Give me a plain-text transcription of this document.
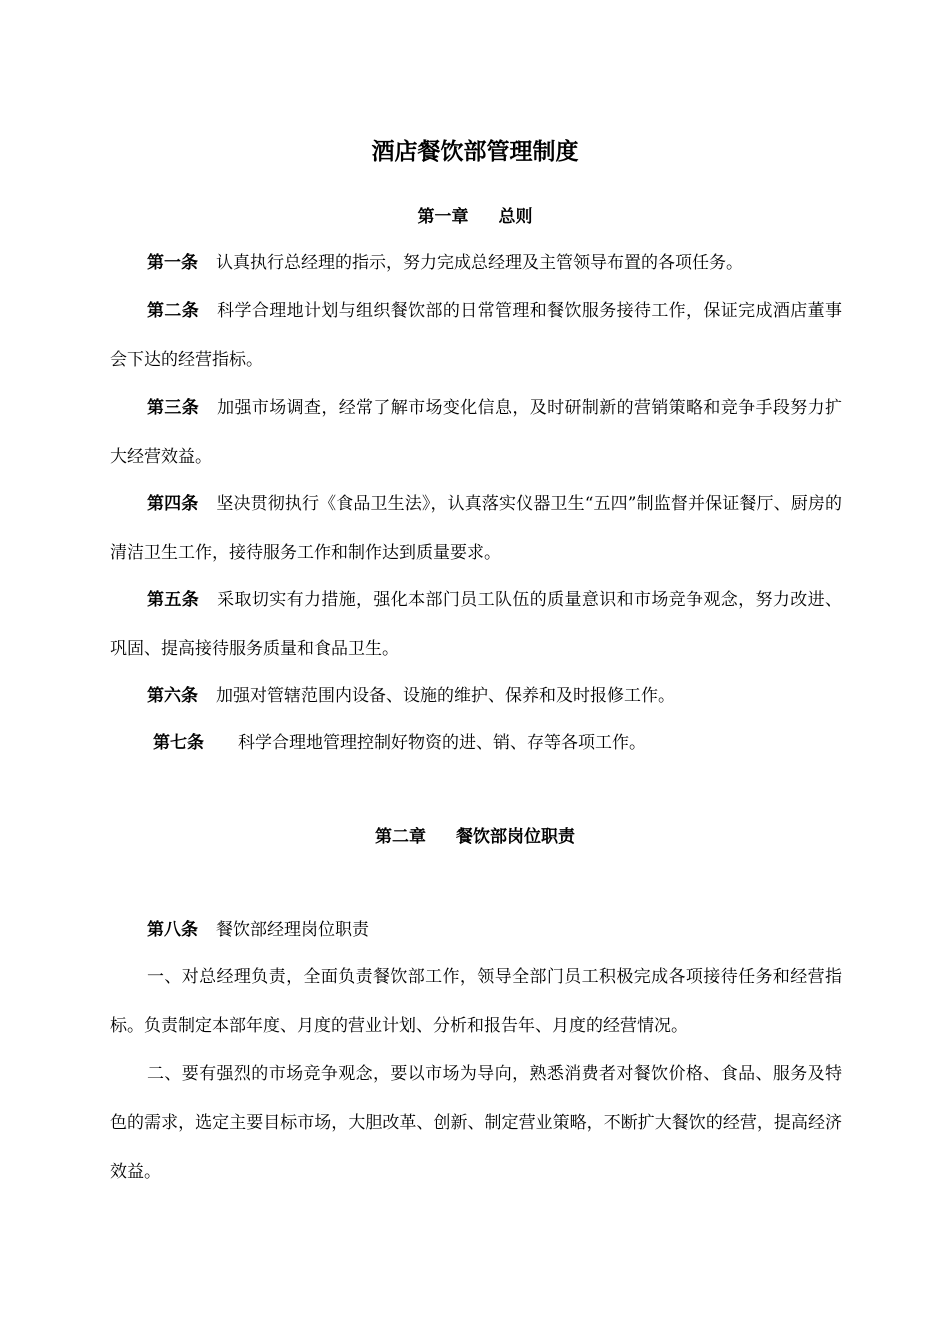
酒店餐饮部管理制度
第一章 总则

第一条 认真执行总经理的指示，努力完成总经理及主管领导布置的各项任务。

第二条 科学合理地计划与组织餐饮部的日常管理和餐饮服务接待工作，保证完成酒店董事会下达的经营指标。

第三条 加强市场调查，经常了解市场变化信息，及时研制新的营销策略和竞争手段努力扩大经营效益。

第四条 坚决贯彻执行《食品卫生法》，认真落实仪器卫生“五四”制监督并保证餐厅、厨房的清洁卫生工作，接待服务工作和制作达到质量要求。

第五条 采取切实有力措施，强化本部门员工队伍的质量意识和市场竞争观念，努力改进、巩固、提高接待服务质量和食品卫生。

第六条 加强对管辖范围内设备、设施的维护、保养和及时报修工作。

第七条 科学合理地管理控制好物资的进、销、存等各项工作。

第二章 餐饮部岗位职责

第八条 餐饮部经理岗位职责

一、对总经理负责，全面负责餐饮部工作，领导全部门员工积极完成各项接待任务和经营指标。负责制定本部年度、月度的营业计划、分析和报告年、月度的经营情况。

二、要有强烈的市场竞争观念，要以市场为导向，熟悉消费者对餐饮价格、食品、服务及特色的需求，选定主要目标市场，大胆改革、创新、制定营业策略，不断扩大餐饮的经营，提高经济效益。
